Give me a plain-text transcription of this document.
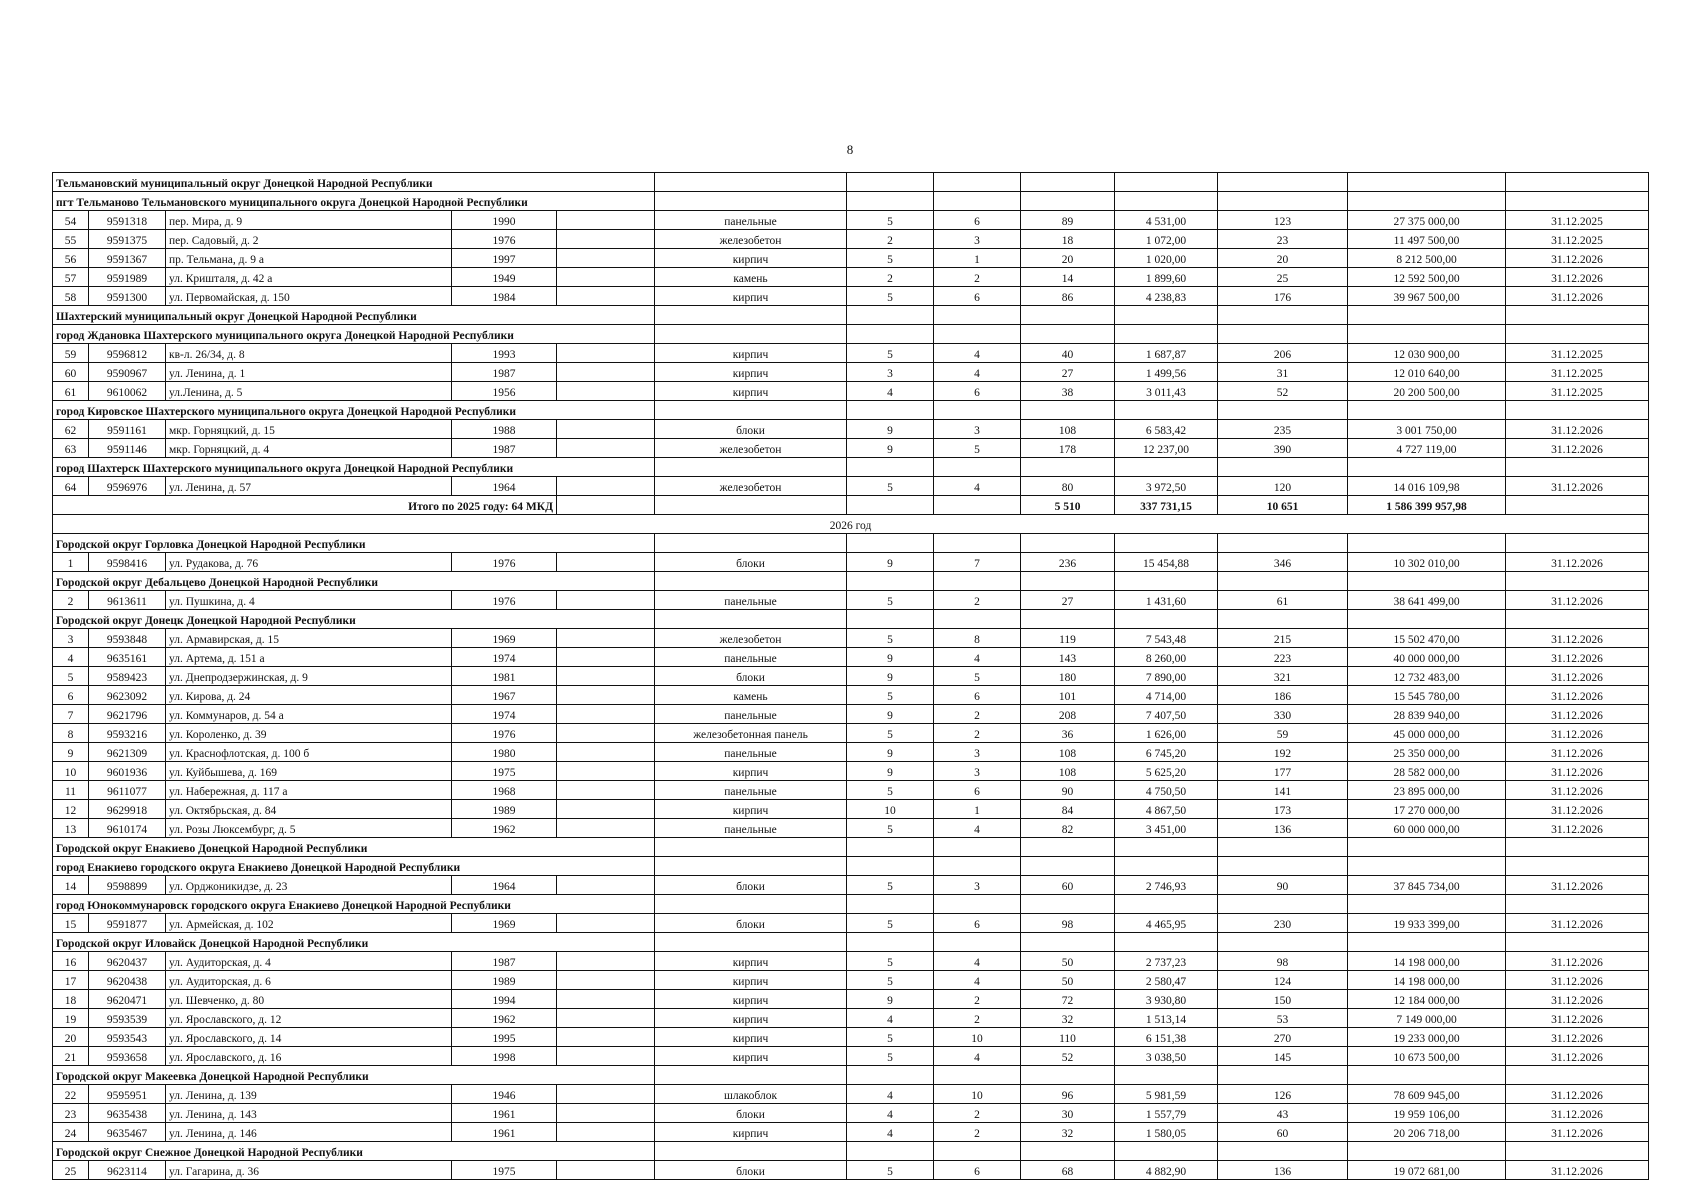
8
Тельмановский муниципальный округ Донецкой Народной Республики												
пгт Тельманово Тельмановского муниципального округа Донецкой Народной Республики												
54	9591318	пер. Мира, д. 9	1990		панельные	5	6	89	4 531,00	123	27 375 000,00	31.12.2025
55	9591375	пер. Садовый, д. 2	1976		железобетон	2	3	18	1 072,00	23	11 497 500,00	31.12.2025
56	9591367	пр. Тельмана, д. 9 а	1997		кирпич	5	1	20	1 020,00	20	8 212 500,00	31.12.2026
57	9591989	ул. Кришталя, д. 42 а	1949		камень	2	2	14	1 899,60	25	12 592 500,00	31.12.2026
58	9591300	ул. Первомайская, д. 150	1984		кирпич	5	6	86	4 238,83	176	39 967 500,00	31.12.2026
Шахтерский муниципальный округ Донецкой Народной Республики												
город Ждановка Шахтерского муниципального округа Донецкой Народной Республики												
59	9596812	кв-л. 26/34, д. 8	1993		кирпич	5	4	40	1 687,87	206	12 030 900,00	31.12.2025
60	9590967	ул. Ленина, д. 1	1987		кирпич	3	4	27	1 499,56	31	12 010 640,00	31.12.2025
61	9610062	ул.Ленина, д. 5	1956		кирпич	4	6	38	3 011,43	52	20 200 500,00	31.12.2025
город Кировское Шахтерского муниципального округа Донецкой Народной Республики												
62	9591161	мкр. Горняцкий, д. 15	1988		блоки	9	3	108	6 583,42	235	3 001 750,00	31.12.2026
63	9591146	мкр. Горняцкий, д. 4	1987		железобетон	9	5	178	12 237,00	390	4 727 119,00	31.12.2026
город Шахтерск Шахтерского муниципального округа Донецкой Народной Республики												
64	9596976	ул. Ленина, д. 57	1964		железобетон	5	4	80	3 972,50	120	14 016 109,98	31.12.2026
Итого по 2025 году: 64 МКД								5 510	337 731,15	10 651	1 586 399 957,98	
2026 год												
Городской округ Горловка Донецкой Народной Республики												
1	9598416	ул. Рудакова, д. 76	1976		блоки	9	7	236	15 454,88	346	10 302 010,00	31.12.2026
Городской округ Дебальцево Донецкой Народной Республики												
2	9613611	ул. Пушкина, д. 4	1976		панельные	5	2	27	1 431,60	61	38 641 499,00	31.12.2026
Городской округ Донецк Донецкой Народной Республики												
3	9593848	ул. Армавирская, д. 15	1969		железобетон	5	8	119	7 543,48	215	15 502 470,00	31.12.2026
4	9635161	ул. Артема, д. 151 а	1974		панельные	9	4	143	8 260,00	223	40 000 000,00	31.12.2026
5	9589423	ул. Днепродзержинская, д. 9	1981		блоки	9	5	180	7 890,00	321	12 732 483,00	31.12.2026
6	9623092	ул. Кирова, д. 24	1967		камень	5	6	101	4 714,00	186	15 545 780,00	31.12.2026
7	9621796	ул. Коммунаров, д. 54 а	1974		панельные	9	2	208	7 407,50	330	28 839 940,00	31.12.2026
8	9593216	ул. Короленко, д. 39	1976		железобетонная панель	5	2	36	1 626,00	59	45 000 000,00	31.12.2026
9	9621309	ул. Краснофлотская, д. 100 б	1980		панельные	9	3	108	6 745,20	192	25 350 000,00	31.12.2026
10	9601936	ул. Куйбышева, д. 169	1975		кирпич	9	3	108	5 625,20	177	28 582 000,00	31.12.2026
11	9611077	ул. Набережная, д. 117 а	1968		панельные	5	6	90	4 750,50	141	23 895 000,00	31.12.2026
12	9629918	ул. Октябрьская, д. 84	1989		кирпич	10	1	84	4 867,50	173	17 270 000,00	31.12.2026
13	9610174	ул. Розы Люксембург, д. 5	1962		панельные	5	4	82	3 451,00	136	60 000 000,00	31.12.2026
Городской округ Енакиево Донецкой Народной Республики												
город Енакиево городского округа Енакиево Донецкой Народной Республики												
14	9598899	ул. Орджоникидзе, д. 23	1964		блоки	5	3	60	2 746,93	90	37 845 734,00	31.12.2026
город Юнокоммунаровск городского округа Енакиево Донецкой Народной Республики												
15	9591877	ул. Армейская, д. 102	1969		блоки	5	6	98	4 465,95	230	19 933 399,00	31.12.2026
Городской округ Иловайск Донецкой Народной Республики												
16	9620437	ул. Аудиторская, д. 4	1987		кирпич	5	4	50	2 737,23	98	14 198 000,00	31.12.2026
17	9620438	ул. Аудиторская, д. 6	1989		кирпич	5	4	50	2 580,47	124	14 198 000,00	31.12.2026
18	9620471	ул. Шевченко, д. 80	1994		кирпич	9	2	72	3 930,80	150	12 184 000,00	31.12.2026
19	9593539	ул. Ярославского, д. 12	1962		кирпич	4	2	32	1 513,14	53	7 149 000,00	31.12.2026
20	9593543	ул. Ярославского, д. 14	1995		кирпич	5	10	110	6 151,38	270	19 233 000,00	31.12.2026
21	9593658	ул. Ярославского, д. 16	1998		кирпич	5	4	52	3 038,50	145	10 673 500,00	31.12.2026
Городской округ Макеевка Донецкой Народной Республики												
22	9595951	ул. Ленина, д. 139	1946		шлакоблок	4	10	96	5 981,59	126	78 609 945,00	31.12.2026
23	9635438	ул. Ленина, д. 143	1961		блоки	4	2	30	1 557,79	43	19 959 106,00	31.12.2026
24	9635467	ул. Ленина, д. 146	1961		кирпич	4	2	32	1 580,05	60	20 206 718,00	31.12.2026
Городской округ Снежное Донецкой Народной Республики												
25	9623114	ул. Гагарина, д. 36	1975		блоки	5	6	68	4 882,90	136	19 072 681,00	31.12.2026
